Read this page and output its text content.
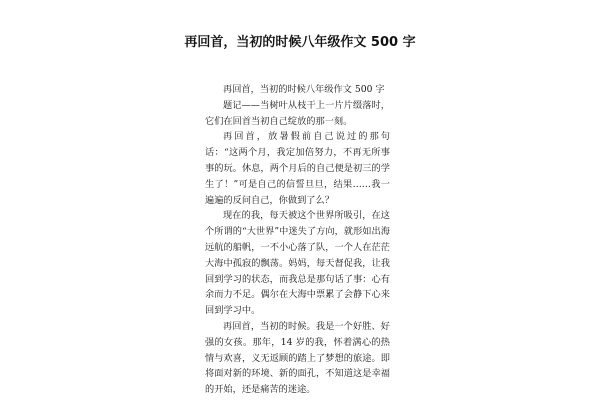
再回首，当初的时候八年级作文 500 字

再回首，当初的时候八年级作文 500 字

题记——当树叶从枝干上一片片缀落时，它们在回首当初自己绽放的那一刻。

再回首，放暑假前自己说过的那句话：“这两个月，我定加倍努力，不再无所事事的玩。休息，两个月后的自己便是初三的学生了！”可是自己的信誓旦旦，结果……我一遍遍的反问自己，你做到了么？

现在的我，每天被这个世界所吸引，在这个所谓的“大世界”中迷失了方向，就形如出海远航的船帆，一不小心落了队，一个人在茫茫大海中孤寂的飘荡。妈妈，每天督促我，让我回到学习的状态，而我总是那句话了事：心有余而力不足。偶尔在大海中票累了会静下心来回到学习中。

再回首，当初的时候。我是一个好胜、好强的女孩。那年，14 岁的我，怀着满心的热情与欢喜，义无返顾的踏上了梦想的旅途。即将面对新的环境、新的面孔，不知道这是幸福的开始，还是痛苦的迷途。
